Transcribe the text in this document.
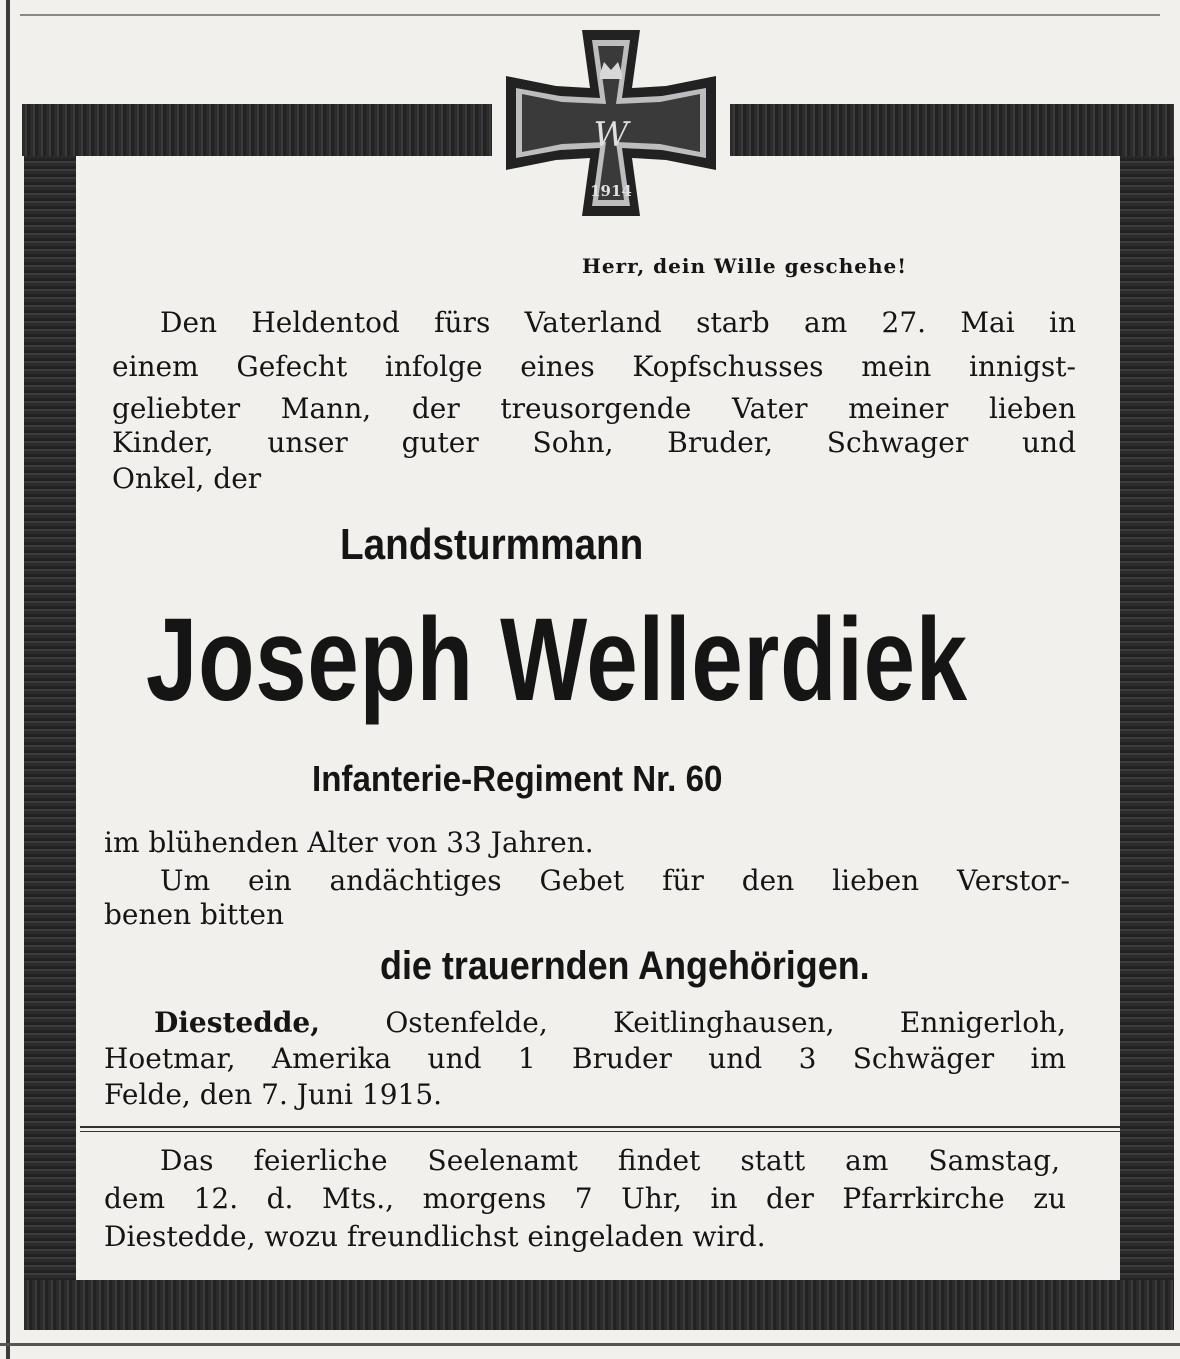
W
1914

Herr, dein Wille geschehe!

Den Heldentod fürs Vaterland starb am 27. Mai in

einem Gefecht infolge eines Kopfschusses mein innigst-

geliebter Mann, der treusorgende Vater meiner lieben

Kinder, unser guter Sohn, Bruder, Schwager und

Onkel, der

Landsturmmann

Joseph Wellerdiek

Infanterie-Regiment Nr. 60

im blühenden Alter von 33 Jahren.

Um ein andächtiges Gebet für den lieben Verstor-

benen bitten

die trauernden Angehörigen.

Diestedde, Ostenfelde, Keitlinghausen, Ennigerloh,

Hoetmar, Amerika und 1 Bruder und 3 Schwäger im

Felde, den 7. Juni 1915.

Das feierliche Seelenamt findet statt am Samstag,

dem 12. d. Mts., morgens 7 Uhr, in der Pfarrkirche zu

Diestedde, wozu freundlichst eingeladen wird.
